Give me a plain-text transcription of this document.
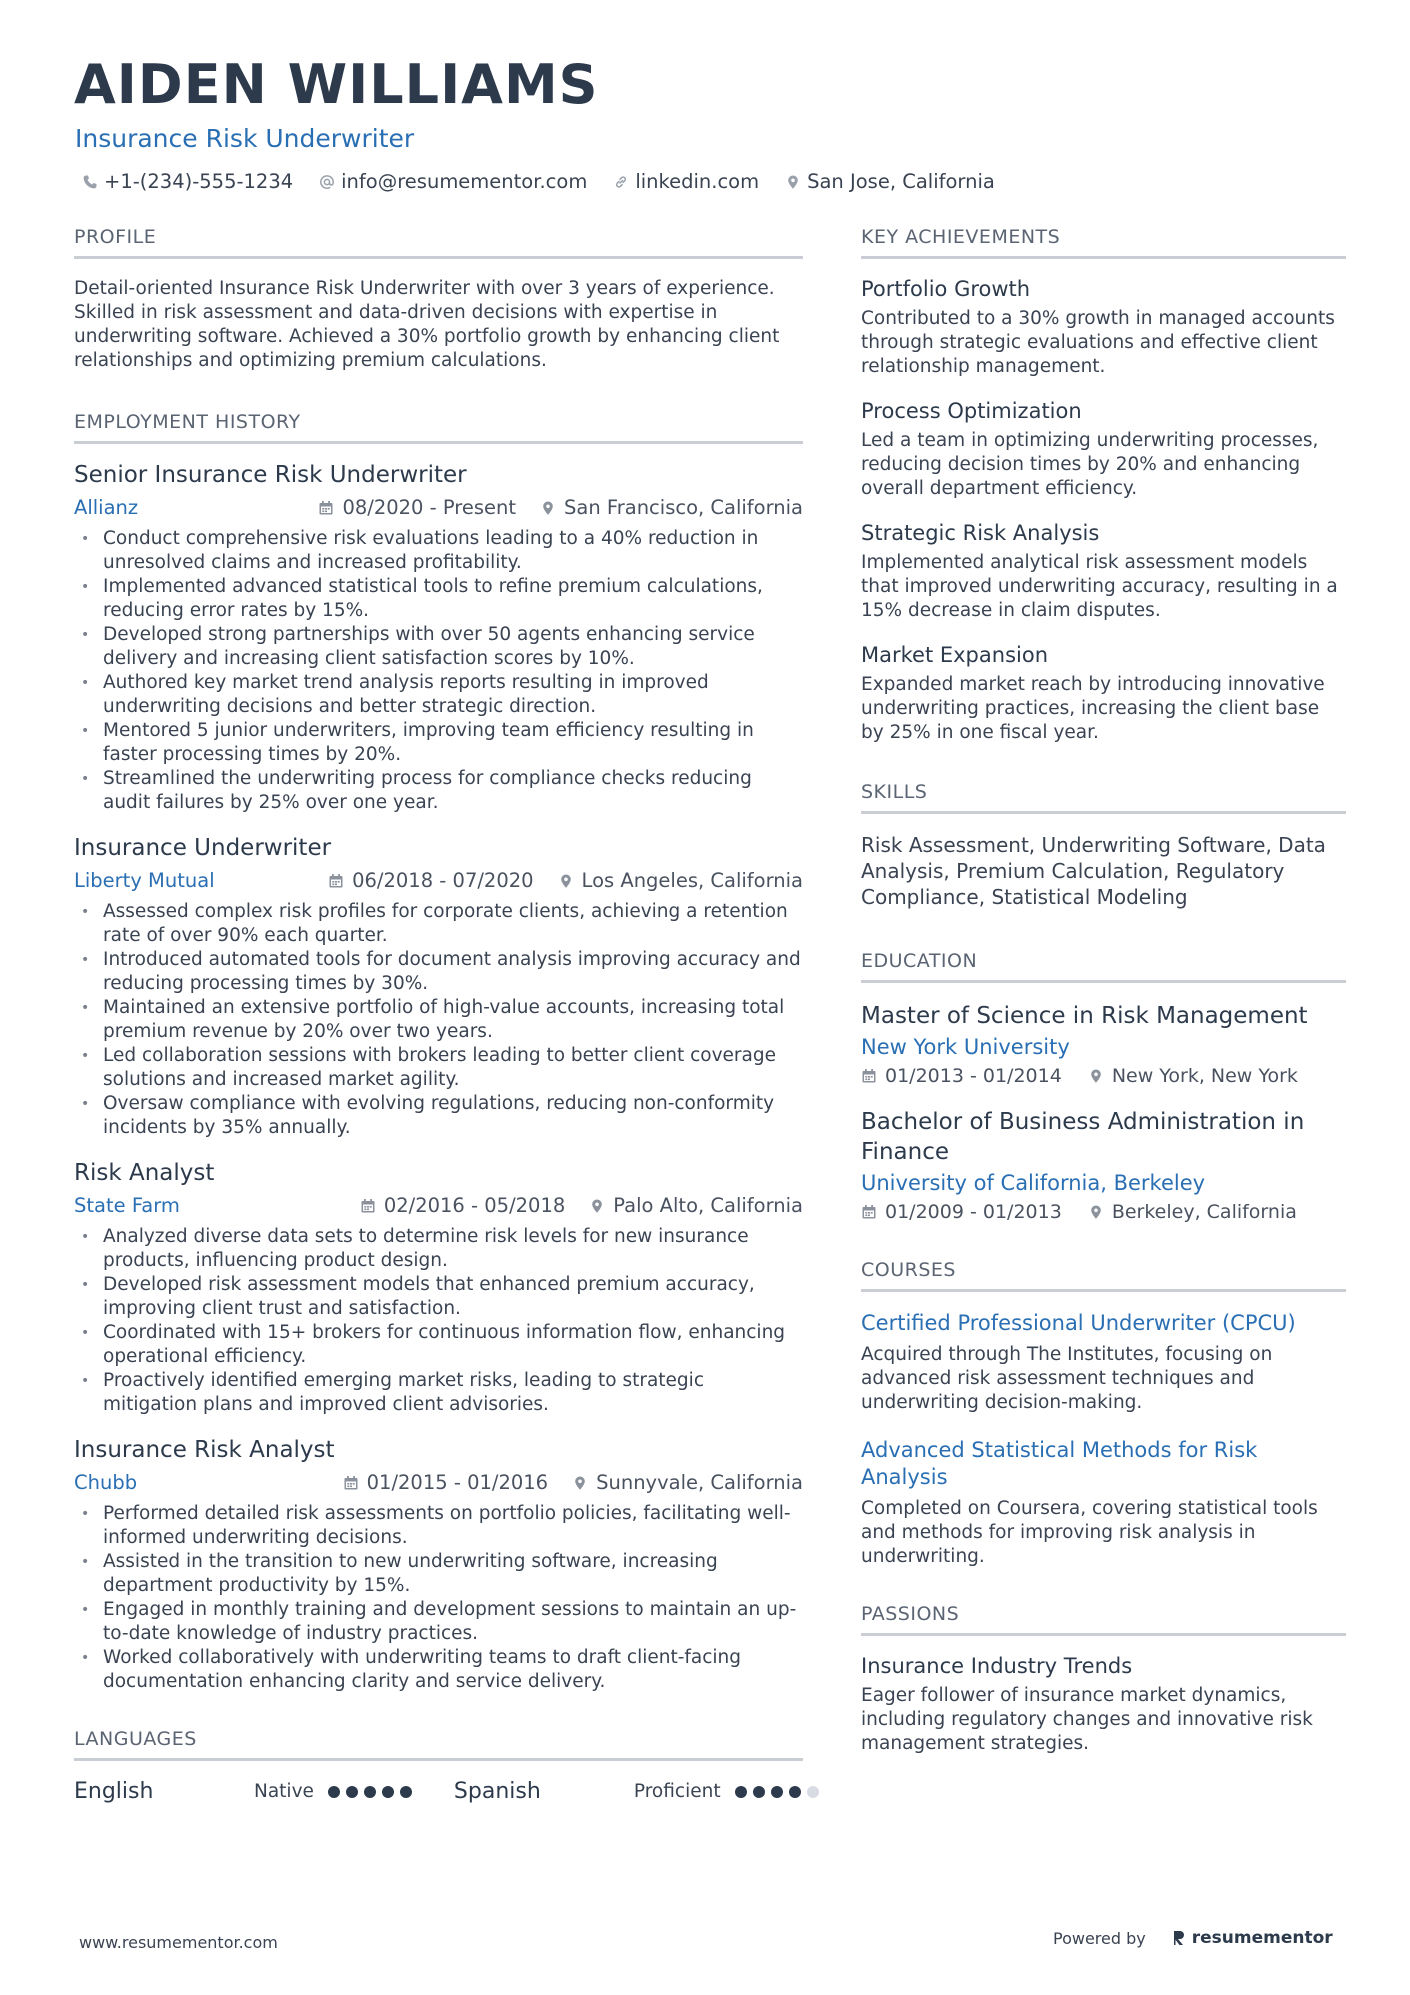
AIDEN WILLIAMS
Insurance Risk Underwriter
+1-(234)-555-1234 info@resumementor.com linkedin.com San Jose, California
PROFILE

Detail-oriented Insurance Risk Underwriter with over 3 years of experience. Skilled in risk assessment and data-driven decisions with expertise in underwriting software. Achieved a 30% portfolio growth by enhancing client relationships and optimizing premium calculations.

EMPLOYMENT HISTORY
Senior Insurance Risk Underwriter
Allianz	08/2020 - Present San Francisco, California
• Conduct comprehensive risk evaluations leading to a 40% reduction in unresolved claims and increased profitability.
• Implemented advanced statistical tools to refine premium calculations, reducing error rates by 15%.
• Developed strong partnerships with over 50 agents enhancing service delivery and increasing client satisfaction scores by 10%.
• Authored key market trend analysis reports resulting in improved underwriting decisions and better strategic direction.
• Mentored 5 junior underwriters, improving team efficiency resulting in faster processing times by 20%.
• Streamlined the underwriting process for compliance checks reducing audit failures by 25% over one year.
Insurance Underwriter
Liberty Mutual	06/2018 - 07/2020 Los Angeles, California
• Assessed complex risk profiles for corporate clients, achieving a retention rate of over 90% each quarter.
• Introduced automated tools for document analysis improving accuracy and reducing processing times by 30%.
• Maintained an extensive portfolio of high-value accounts, increasing total premium revenue by 20% over two years.
• Led collaboration sessions with brokers leading to better client coverage solutions and increased market agility.
• Oversaw compliance with evolving regulations, reducing non-conformity incidents by 35% annually.
Risk Analyst
State Farm	02/2016 - 05/2018 Palo Alto, California
• Analyzed diverse data sets to determine risk levels for new insurance products, influencing product design.
• Developed risk assessment models that enhanced premium accuracy, improving client trust and satisfaction.
• Coordinated with 15+ brokers for continuous information flow, enhancing operational efficiency.
• Proactively identified emerging market risks, leading to strategic mitigation plans and improved client advisories.
Insurance Risk Analyst
Chubb	01/2015 - 01/2016 Sunnyvale, California
• Performed detailed risk assessments on portfolio policies, facilitating well-informed underwriting decisions.
• Assisted in the transition to new underwriting software, increasing department productivity by 15%.
• Engaged in monthly training and development sessions to maintain an up-to-date knowledge of industry practices.
• Worked collaboratively with underwriting teams to draft client-facing documentation enhancing clarity and service delivery.
LANGUAGES
English	Native	Spanish	Proficient
KEY ACHIEVEMENTS
Portfolio Growth

Contributed to a 30% growth in managed accounts through strategic evaluations and effective client relationship management.

Process Optimization

Led a team in optimizing underwriting processes, reducing decision times by 20% and enhancing overall department efficiency.

Strategic Risk Analysis

Implemented analytical risk assessment models that improved underwriting accuracy, resulting in a 15% decrease in claim disputes.

Market Expansion

Expanded market reach by introducing innovative underwriting practices, increasing the client base by 25% in one fiscal year.

SKILLS

Risk Assessment, Underwriting Software, Data Analysis, Premium Calculation, Regulatory Compliance, Statistical Modeling

EDUCATION
Master of Science in Risk Management
New York University
01/2013 - 01/2014	New York, New York
Bachelor of Business Administration in Finance
University of California, Berkeley
01/2009 - 01/2013	Berkeley, California
COURSES
Certified Professional Underwriter (CPCU)

Acquired through The Institutes, focusing on advanced risk assessment techniques and underwriting decision-making.

Advanced Statistical Methods for Risk Analysis

Completed on Coursera, covering statistical tools and methods for improving risk analysis in underwriting.

PASSIONS
Insurance Industry Trends

Eager follower of insurance market dynamics, including regulatory changes and innovative risk management strategies.

www.resumementor.com	Powered by	resumementor
